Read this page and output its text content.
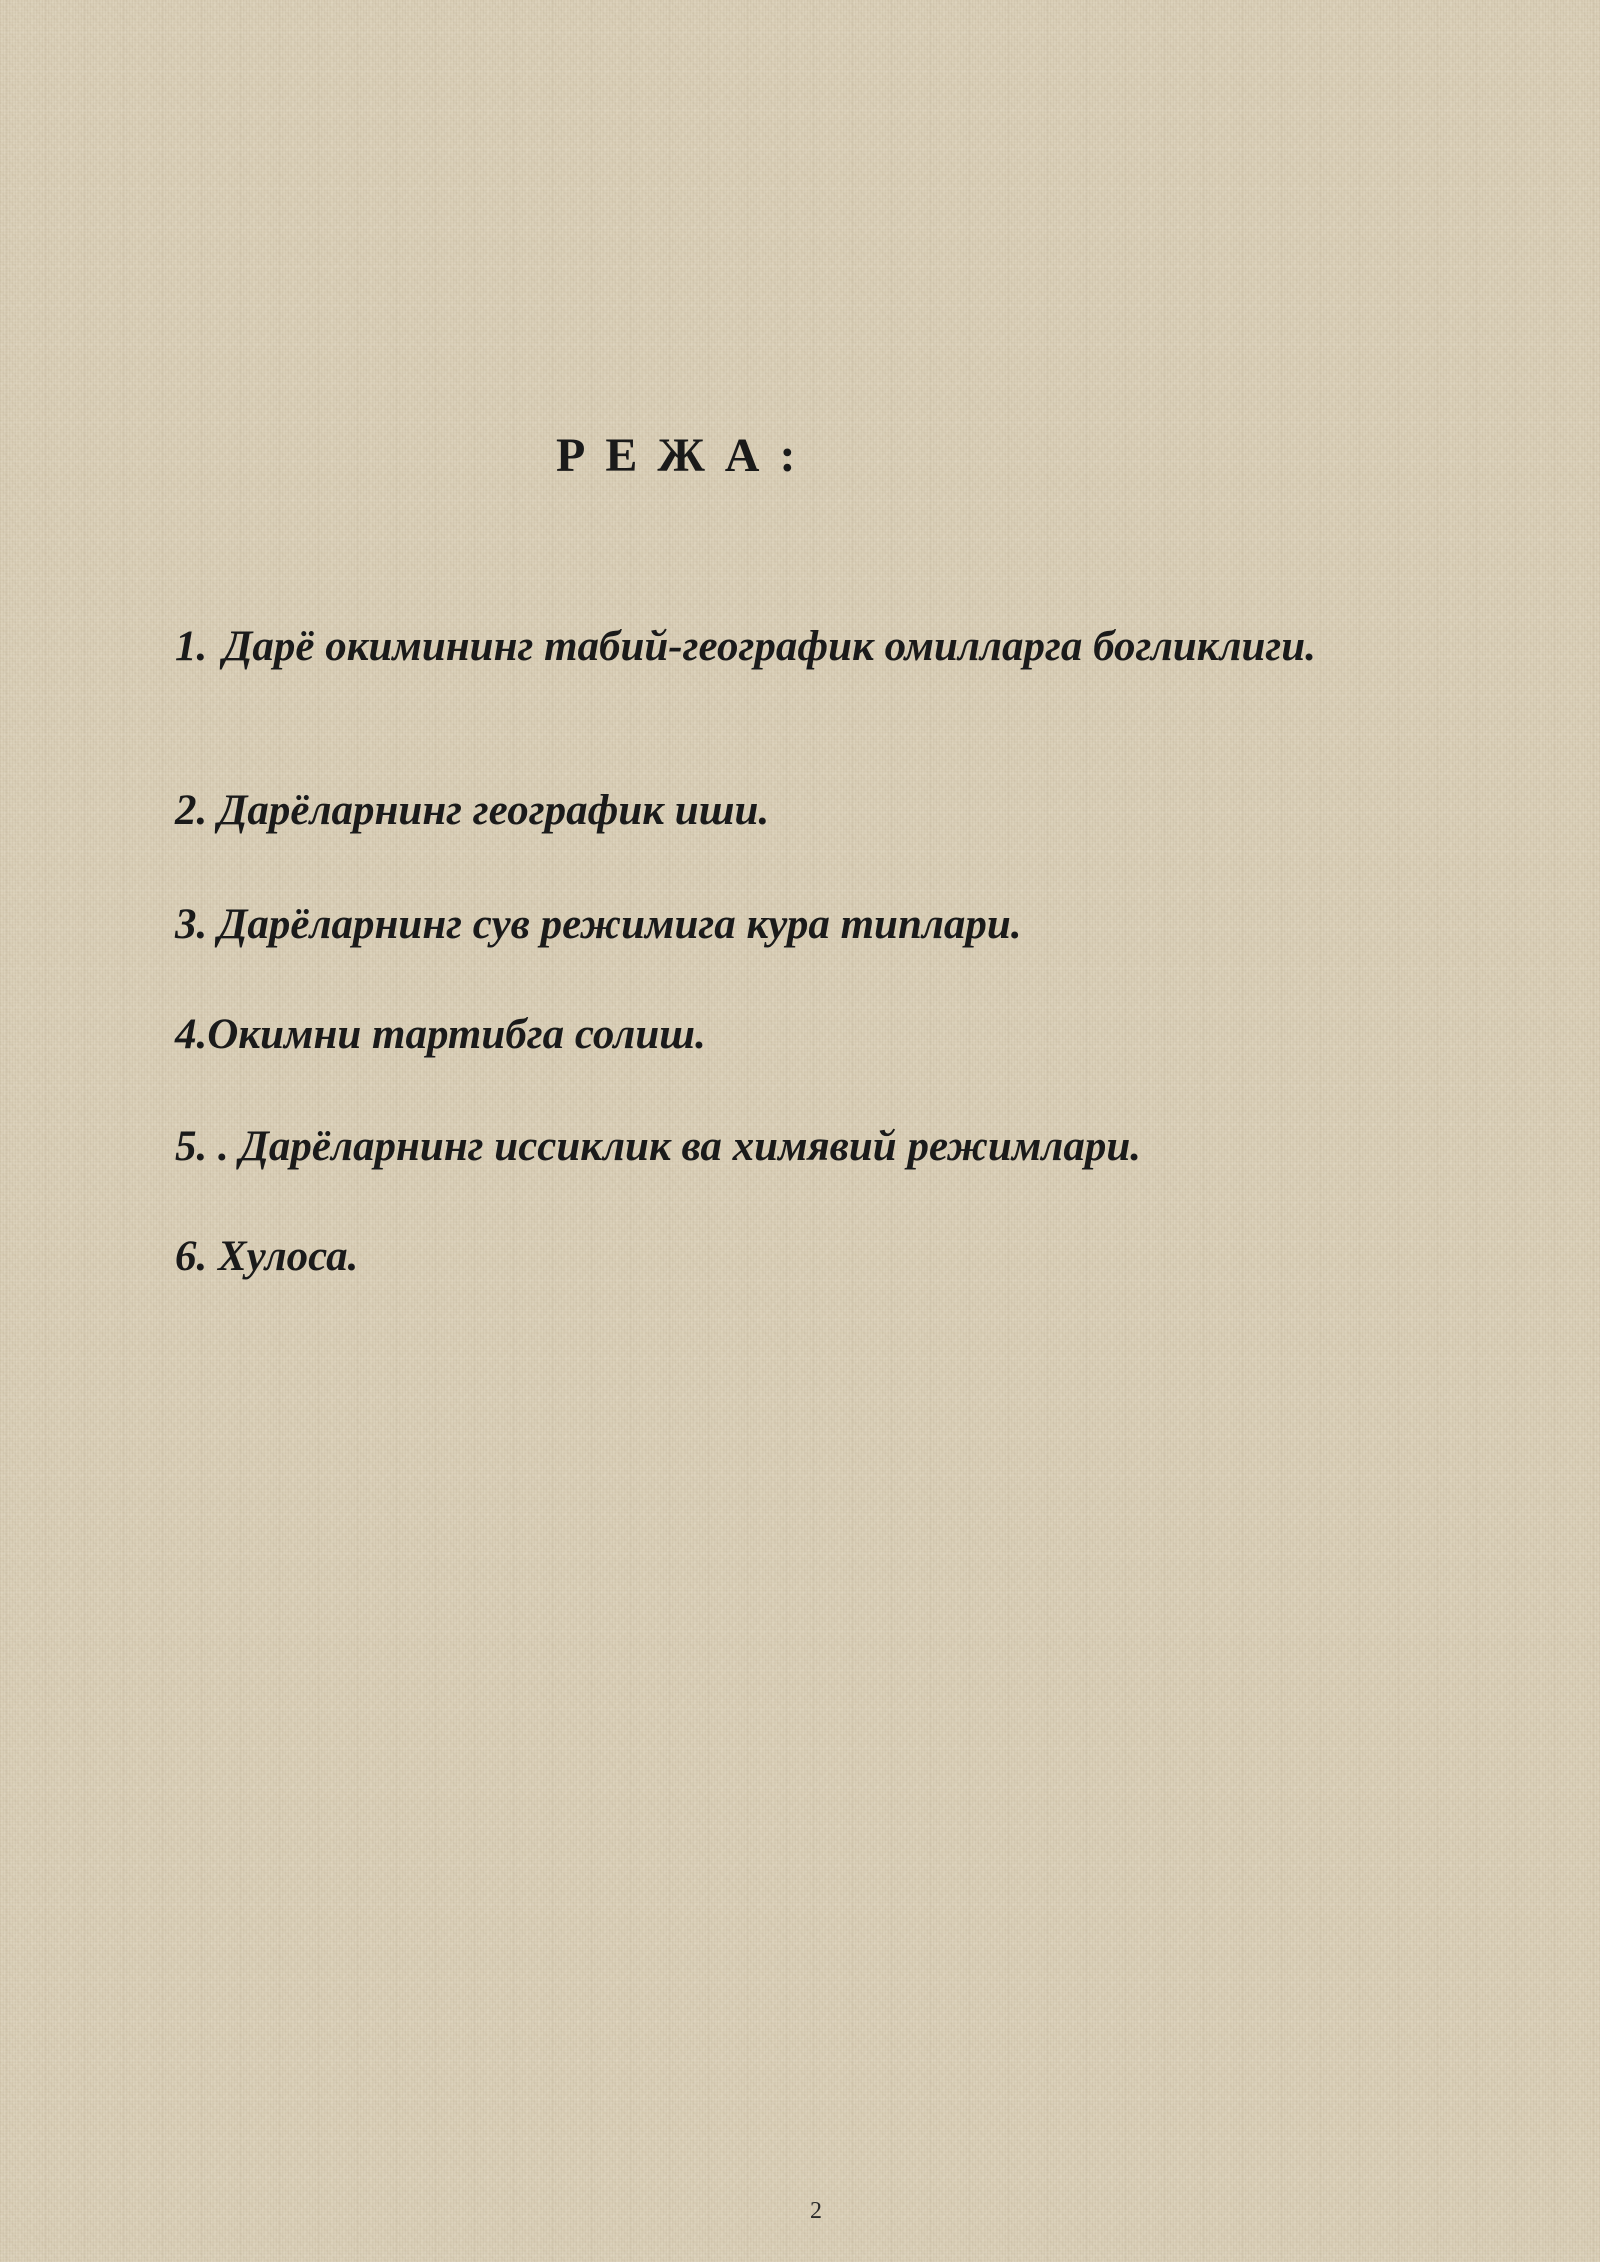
РЕЖА:
1. Дарё окимининг табий-географик омилларга богликлиги.
2. Дарёларнинг географик иши.
3. Дарёларнинг сув режимига кура типлари.
4. Окимни тартибга солиш.
5. . Дарёларнинг иссиклик ва химявий режимлари.
6. Хулоса.
2
